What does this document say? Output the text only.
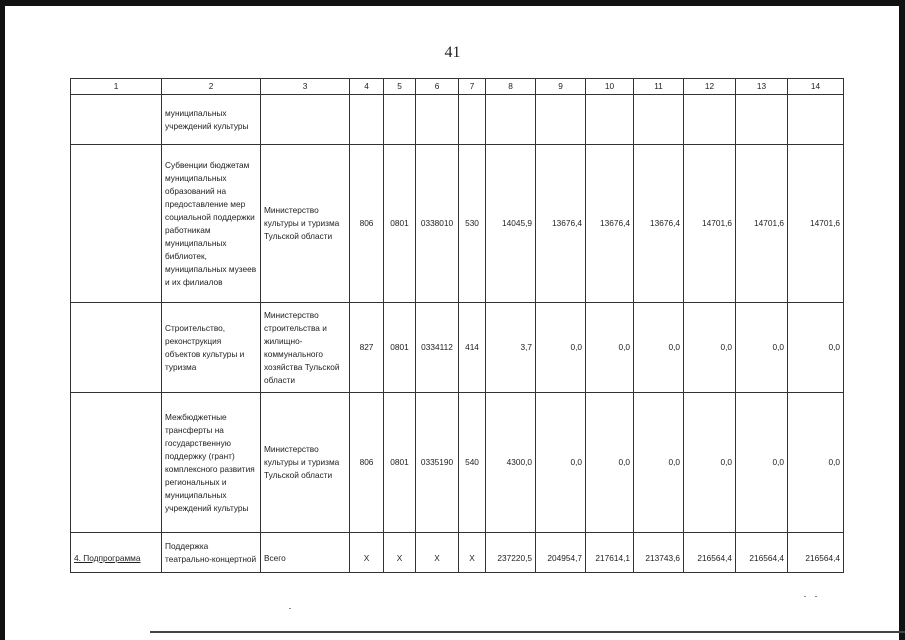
41
1	2	3	4	5	6	7	8	9	10	11	12	13	14
	муниципальных учреждений культуры												
	Субвенции бюджетам муниципальных образований на предоставление мер социальной поддержки работникам муниципальных библиотек, муниципальных музеев и их филиалов	Министерство культуры и туризма Тульской области	806	0801	0338010	530	14045,9	13676,4	13676,4	13676,4	14701,6	14701,6	14701,6
	Строительство, реконструкция объектов культуры и туризма	Министерство строительства и жилищно-коммунального хозяйства Тульской области	827	0801	0334112	414	3,7	0,0	0,0	0,0	0,0	0,0	0,0
	Межбюджетные трансферты на государственную поддержку (грант) комплексного развития региональных и муниципальных учреждений культуры	Министерство культуры и туризма Тульской области	806	0801	0335190	540	4300,0	0,0	0,0	0,0	0,0	0,0	0,0
4. Подпрограмма	Поддержка театрально-концертной	Всего	Х	Х	Х	Х	237220,5	204954,7	217614,1	213743,6	216564,4	216564,4	216564,4
